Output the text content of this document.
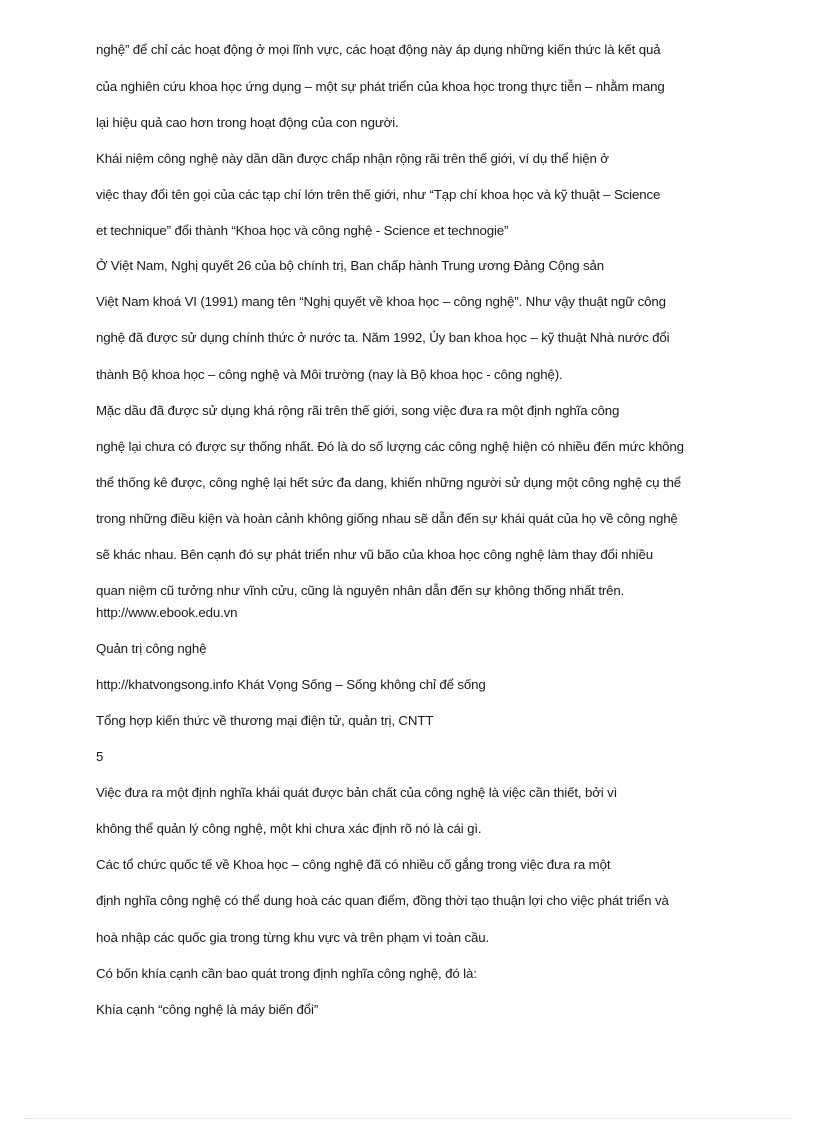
nghệ” để chỉ các hoạt động ở mọi lĩnh vực, các hoạt động này áp dụng những kiến thức là kết quả
của nghiên cứu khoa học ứng dụng – một sự phát triển của khoa học trong thực tiễn – nhằm mang
lại hiệu quả cao hơn trong hoạt động của con người.
Khái niệm công nghệ này dần dần được chấp nhận rộng rãi trên thế giới, ví dụ thể hiện ở
việc thay đổi tên gọi của các tạp chí lớn trên thế giới, như “Tạp chí khoa học và kỹ thuật – Science
et technique” đổi thành “Khoa học và công nghệ - Science et technogie”
Ở Việt Nam, Nghị quyết 26 của bộ chính trị, Ban chấp hành Trung ương Đảng Cộng sản
Việt Nam khoá VI (1991) mang tên “Nghị quyết về khoa học – công nghệ”. Như vậy thuật ngữ công
nghệ đã được sử dụng chính thức ở nước ta. Năm 1992, Ủy ban khoa học – kỹ thuật Nhà nước đổi
thành Bộ khoa học – công nghệ và Môi trường (nay là Bộ khoa học - công nghệ).
Mặc dầu đã được sử dụng khá rộng rãi trên thế giới, song việc đưa ra một định nghĩa công
nghệ lại chưa có được sự thống nhất. Đó là do số lượng các công nghệ hiện có nhiều đến mức không
thể thống kê được, công nghệ lại hết sức đa dang, khiến những người sử dụng một công nghệ cụ thể
trong những điều kiện và hoàn cảnh không giống nhau sẽ dẫn đến sự khái quát của họ về công nghệ
sẽ khác nhau. Bên cạnh đó sự phát triển như vũ bão của khoa học công nghệ làm thay đổi nhiều
quan niệm cũ tưởng như vĩnh cửu, cũng là nguyên nhân dẫn đến sự không thống nhất trên.
http://www.ebook.edu.vn
Quản trị công nghệ
http://khatvongsong.info Khát Vọng Sống – Sống không chỉ để sống
Tổng hợp kiến thức về thương mại điện tử, quản trị, CNTT
5
Việc đưa ra một định nghĩa khái quát được bản chất của công nghệ là việc cần thiết, bởi vì
không thể quản lý công nghệ, một khi chưa xác định rõ nó là cái gì.
Các tổ chức quốc tế về Khoa học – công nghệ đã có nhiều cố gắng trong việc đưa ra một
định nghĩa công nghệ có thể dung hoà các quan điểm, đồng thời tạo thuận lợi cho việc phát triển và
hoà nhập các quốc gia trong từng khu vực và trên phạm vi toàn cầu.
Có bốn khía cạnh cần bao quát trong định nghĩa công nghệ, đó là:
Khía cạnh “công nghệ là máy biến đổi”
